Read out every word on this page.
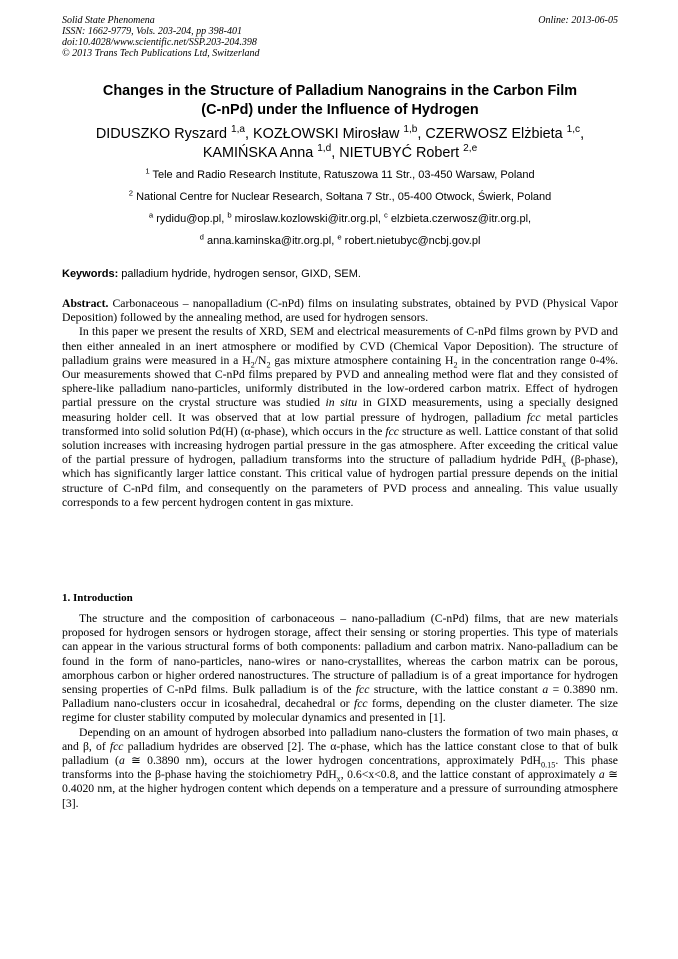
Solid State Phenomena
ISSN: 1662-9779, Vols. 203-204, pp 398-401
doi:10.4028/www.scientific.net/SSP.203-204.398
© 2013 Trans Tech Publications Ltd, Switzerland
Online: 2013-06-05
Changes in the Structure of Palladium Nanograins in the Carbon Film
(C-nPd) under the Influence of Hydrogen
DIDUSZKO Ryszard $^{1,a}$, KOZŁOWSKI Mirosław $^{1,b}$, CZERWOSZ Elżbieta $^{1,c}$,
KAMIŃSKA Anna $^{1,d}$, NIETUBYĆ Robert $^{2,e}$
$^1$ Tele and Radio Research Institute, Ratuszowa 11 Str., 03-450 Warsaw, Poland
$^2$ National Centre for Nuclear Research, Sołtana 7 Str., 05-400 Otwock, Świerk, Poland
$^a$ rydidu@op.pl, $^b$ miroslaw.kozlowski@itr.org.pl, $^c$ elzbieta.czerwosz@itr.org.pl,
$^d$ anna.kaminska@itr.org.pl, $^e$ robert.nietubyc@ncbj.gov.pl
Keywords: palladium hydride, hydrogen sensor, GIXD, SEM.

Abstract. Carbonaceous – nanopalladium (C-nPd) films on insulating substrates, obtained by PVD (Physical Vapor Deposition) followed by the annealing method, are used for hydrogen sensors.

In this paper we present the results of XRD, SEM and electrical measurements of C-nPd films grown by PVD and then either annealed in an inert atmosphere or modified by CVD (Chemical Vapor Deposition). The structure of palladium grains were measured in a $H_2/N_2$ gas mixture atmosphere containing $H_2$ in the concentration range 0-4%. Our measurements showed that C-nPd films prepared by PVD and annealing method were flat and they consisted of sphere-like palladium nano-particles, uniformly distributed in the low-ordered carbon matrix. Effect of hydrogen partial pressure on the crystal structure was studied in situ in GIXD measurements, using a specially designed measuring holder cell. It was observed that at low partial pressure of hydrogen, palladium fcc metal particles transformed into solid solution Pd(H) (α-phase), which occurs in the fcc structure as well. Lattice constant of that solid solution increases with increasing hydrogen partial pressure in the gas atmosphere. After exceeding the critical value of the partial pressure of hydrogen, palladium transforms into the structure of palladium hydride PdH$_x$ (β-phase), which has significantly larger lattice constant. This critical value of hydrogen partial pressure depends on the initial structure of C-nPd film, and consequently on the parameters of PVD process and annealing. This value usually corresponds to a few percent hydrogen content in gas mixture.

1. Introduction

The structure and the composition of carbonaceous – nano-palladium (C-nPd) films, that are new materials proposed for hydrogen sensors or hydrogen storage, affect their sensing or storing properties. This type of materials can appear in the various structural forms of both components: palladium and carbon matrix. Nano-palladium can be found in the form of nano-particles, nano-wires or nano-crystallites, whereas the carbon matrix can be porous, amorphous carbon or higher ordered nanostructures. The structure of palladium is of a great importance for hydrogen sensing properties of C-nPd films. Bulk palladium is of the fcc structure, with the lattice constant a = 0.3890 nm. Palladium nano-clusters occur in icosahedral, decahedral or fcc forms, depending on the cluster diameter. The size regime for cluster stability computed by molecular dynamics and presented in [1].

Depending on an amount of hydrogen absorbed into palladium nano-clusters the formation of two main phases, α and β, of fcc palladium hydrides are observed [2]. The α-phase, which has the lattice constant close to that of bulk palladium (a ≅ 0.3890 nm), occurs at the lower hydrogen concentrations, approximately PdH$_{0.15}$. This phase transforms into the β-phase having the stoichiometry PdH$_x$, 0.6<x<0.8, and the lattice constant of approximately a ≅ 0.4020 nm, at the higher hydrogen content which depends on a temperature and a pressure of surrounding atmosphere [3].
